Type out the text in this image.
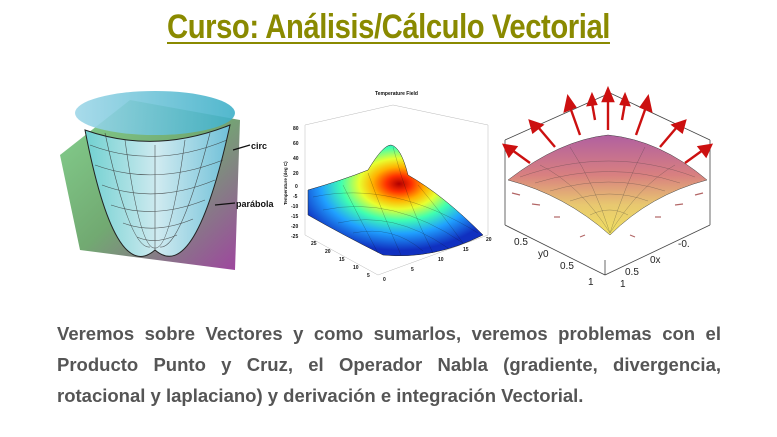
Curso: Análisis/Cálculo Vectorial
circ
parábola
Temperature Field
80
60
40
20
0
-5
-10
-15
-20
-25
Temperature (deg C)
25
20
15
10
5
0
5
10
15
20 0.5
y0
0.5
1
0.5
0x
-0.
1

Veremos sobre Vectores y como sumarlos, veremos problemas con el Producto Punto y Cruz, el Operador Nabla (gradiente, divergencia, rotacional y laplaciano) y derivación e integración Vectorial.
